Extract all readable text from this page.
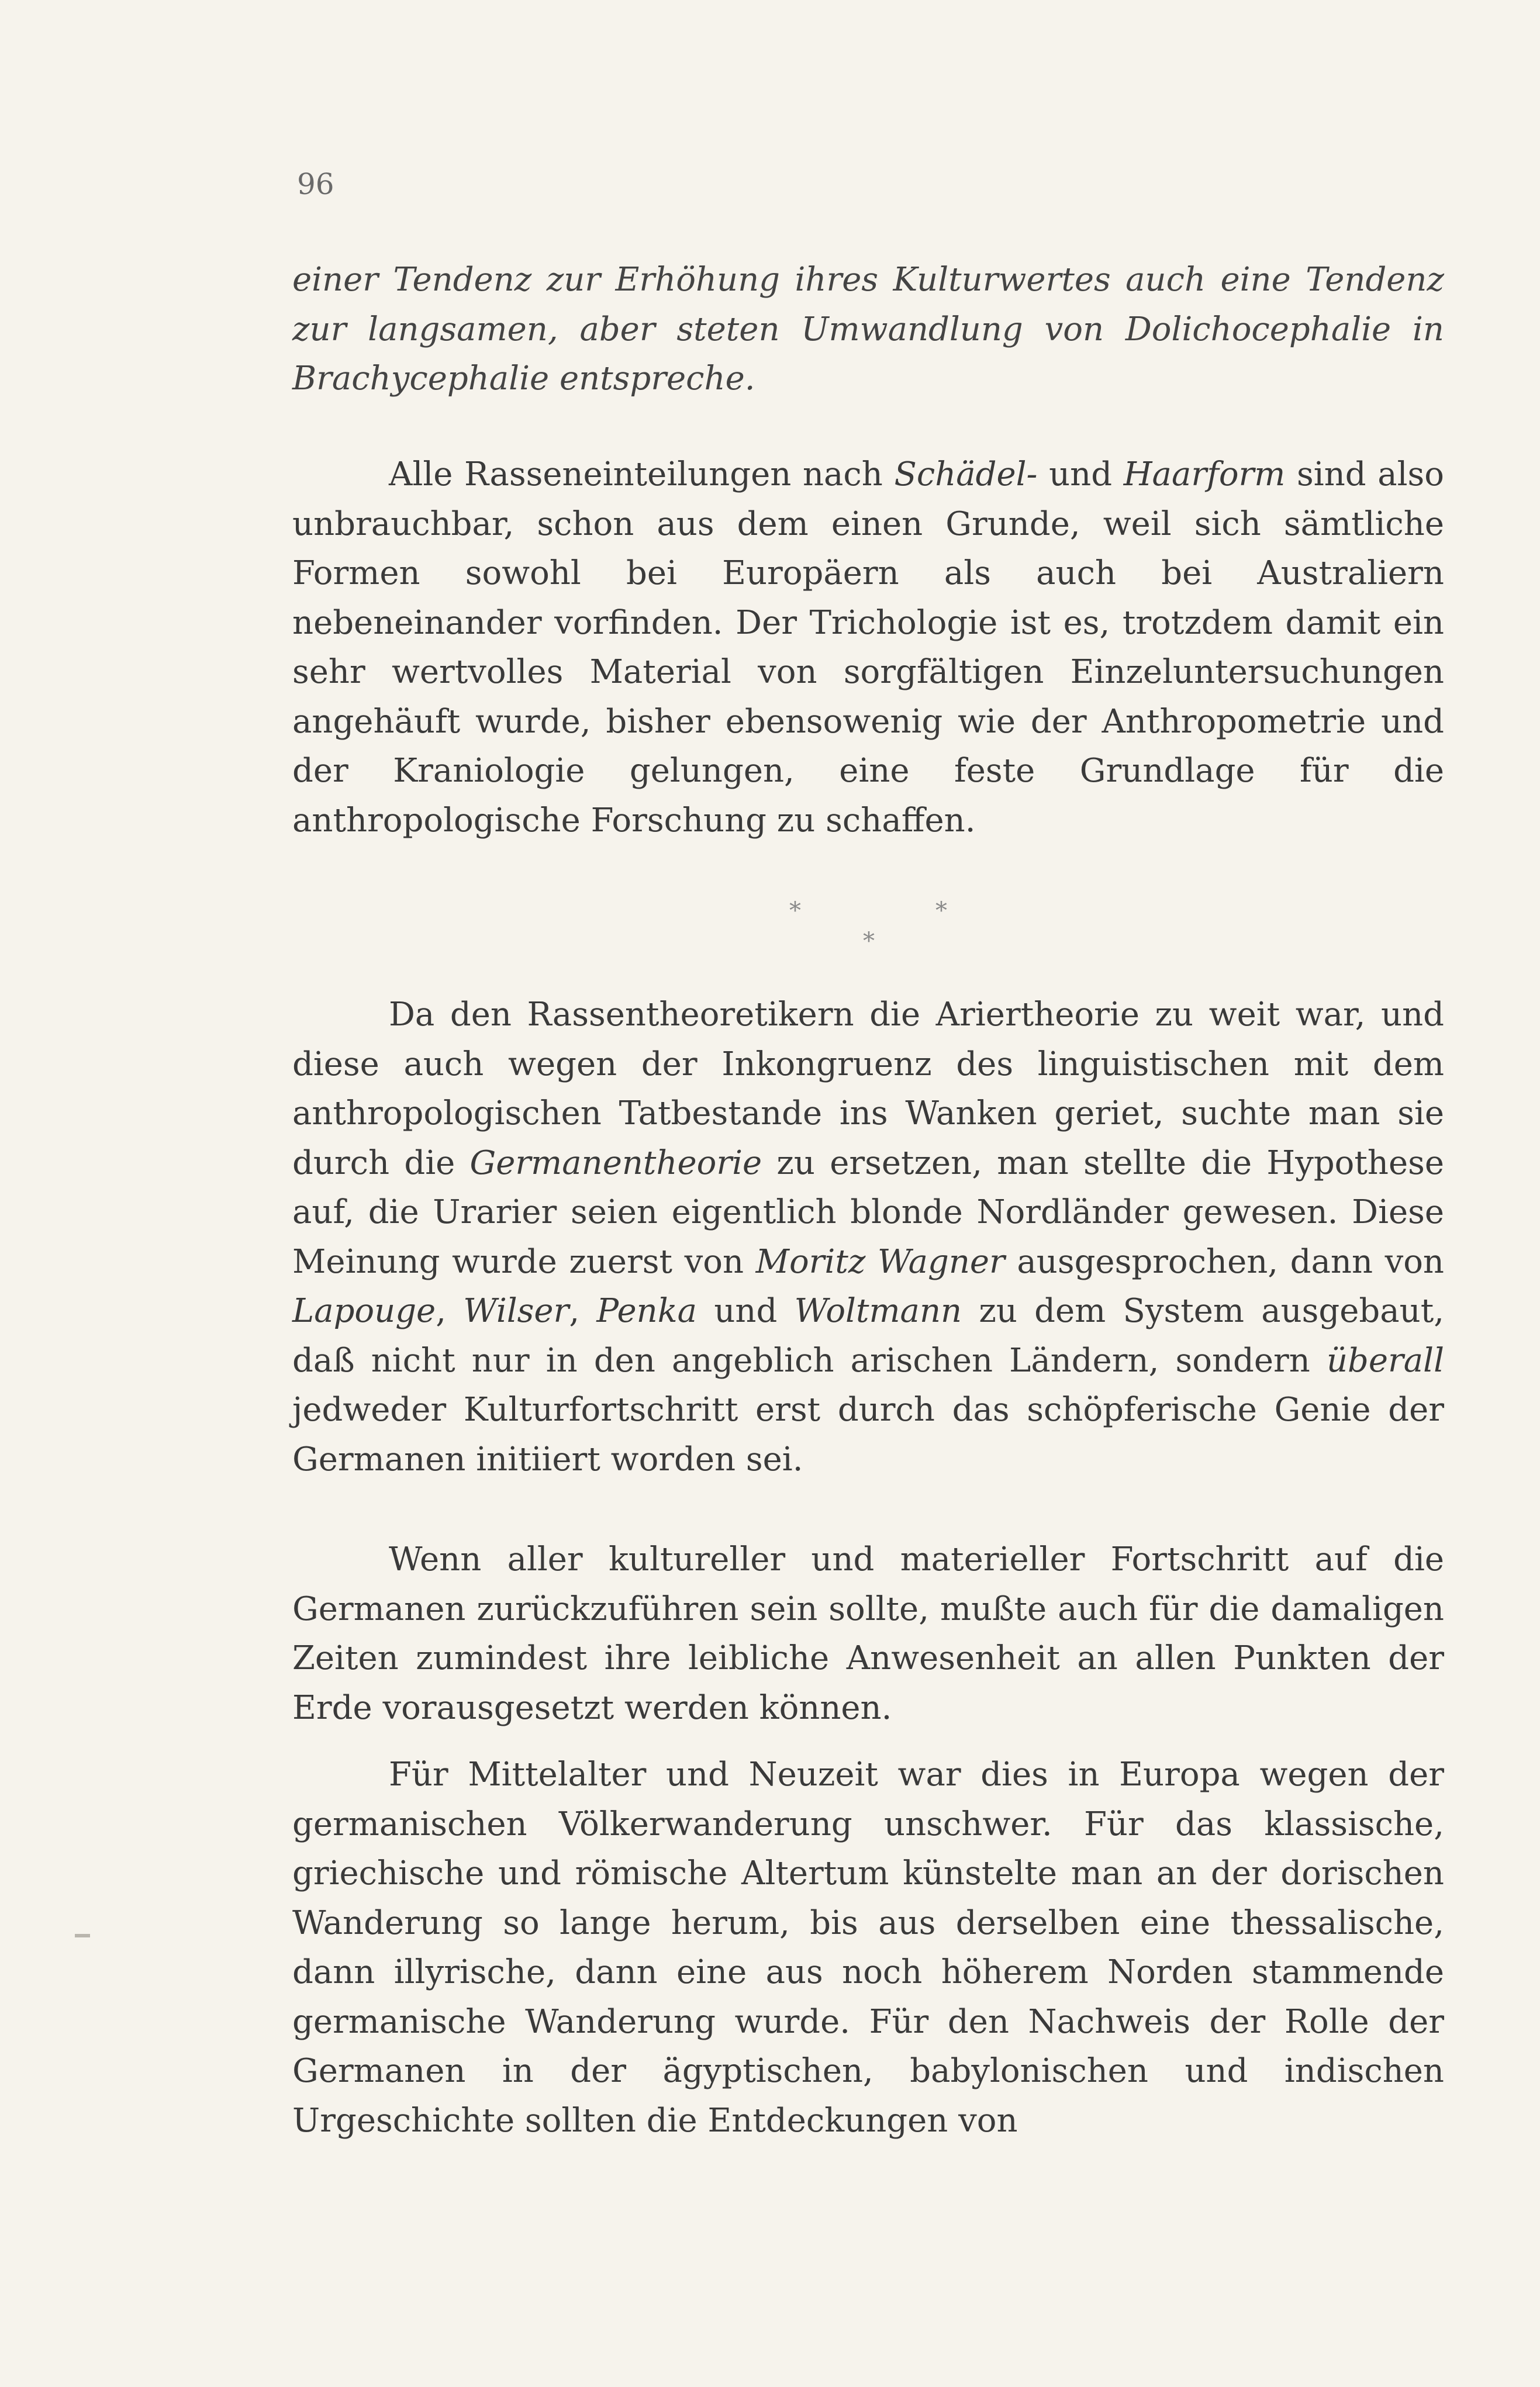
96

einer Tendenz zur Erhöhung ihres Kulturwertes auch eine Tendenz zur langsamen, aber steten Umwandlung von Dolichocephalie in Brachycephalie entspreche.

Alle Rasseneinteilungen nach Schädel- und Haarform sind also unbrauchbar, schon aus dem einen Grunde, weil sich sämtliche Formen sowohl bei Europäern als auch bei Australiern nebeneinander vorfinden. Der Trichologie ist es, trotzdem damit ein sehr wertvolles Material von sorgfältigen Einzeluntersuchungen angehäuft wurde, bisher ebensowenig wie der Anthropometrie und der Kraniologie gelungen, eine feste Grundlage für die anthropologische Forschung zu schaffen.

*	*
*

Da den Rassentheoretikern die Ariertheorie zu weit war, und diese auch wegen der Inkongruenz des linguistischen mit dem anthropologischen Tatbestande ins Wanken geriet, suchte man sie durch die Germanentheorie zu ersetzen, man stellte die Hypothese auf, die Urarier seien eigentlich blonde Nordländer gewesen. Diese Meinung wurde zuerst von Moritz Wagner ausgesprochen, dann von Lapouge, Wilser, Penka und Woltmann zu dem System ausgebaut, daß nicht nur in den angeblich arischen Ländern, sondern überall jedweder Kulturfortschritt erst durch das schöpferische Genie der Germanen initiiert worden sei.

Wenn aller kultureller und materieller Fortschritt auf die Germanen zurückzuführen sein sollte, mußte auch für die damaligen Zeiten zumindest ihre leibliche Anwesenheit an allen Punkten der Erde vorausgesetzt werden können.

Für Mittelalter und Neuzeit war dies in Europa wegen der germanischen Völkerwanderung unschwer. Für das klassische, griechische und römische Altertum künstelte man an der dorischen Wanderung so lange herum, bis aus derselben eine thessalische, dann illyrische, dann eine aus noch höherem Norden stammende germanische Wanderung wurde. Für den Nachweis der Rolle der Germanen in der ägyptischen, babylonischen und indischen Urgeschichte sollten die Entdeckungen von
